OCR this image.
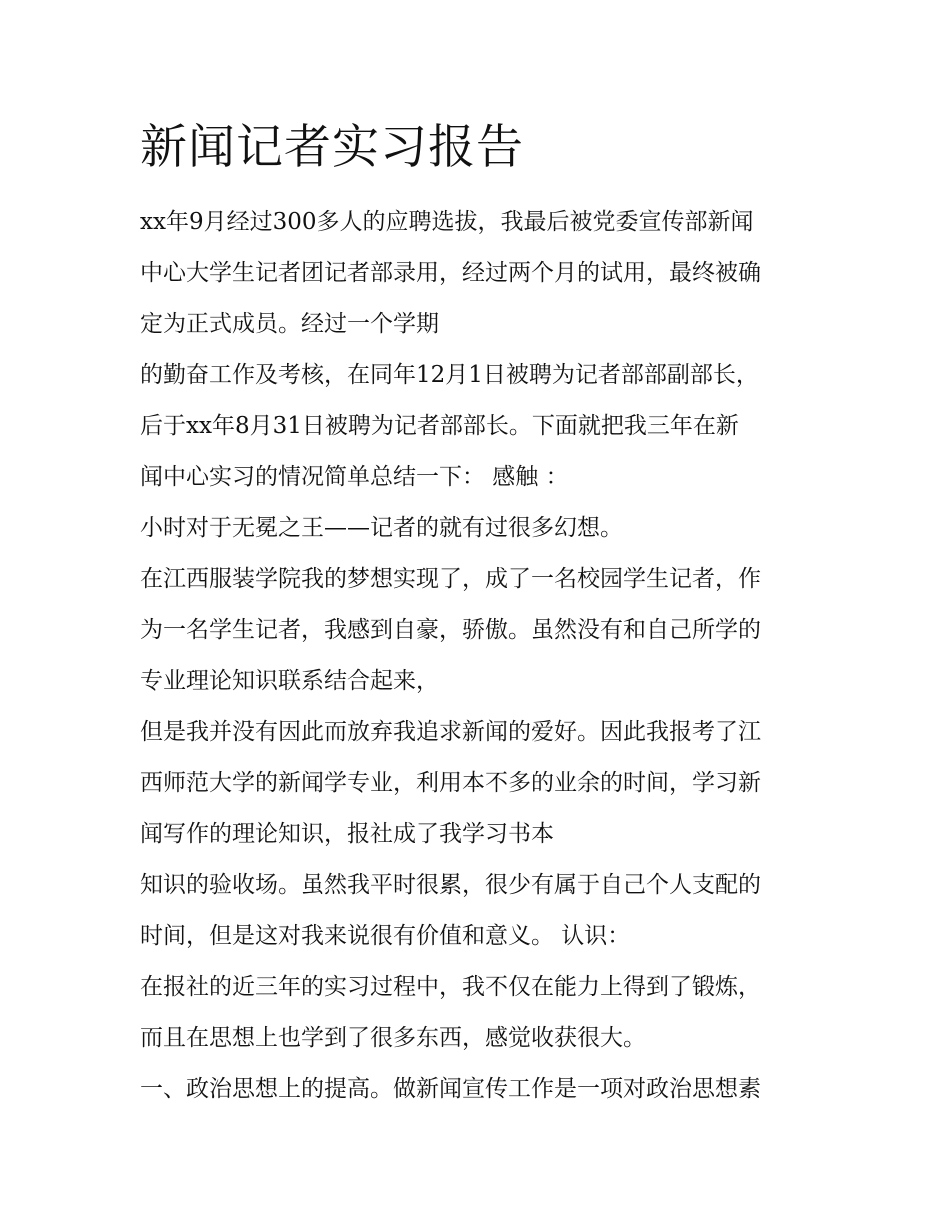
新闻记者实习报告
xx年9月经过300多人的应聘选拔，我最后被党委宣传部新闻
中心大学生记者团记者部录用，经过两个月的试用，最终被确
定为正式成员。经过一个学期
的勤奋工作及考核，在同年12月1日被聘为记者部部副部长，
后于xx年8月31日被聘为记者部部长。下面就把我三年在新
闻中心实习的情况简单总结一下： 感触 ：
小时对于无冕之王——记者的就有过很多幻想。
在江西服装学院我的梦想实现了，成了一名校园学生记者，作
为一名学生记者，我感到自豪，骄傲。虽然没有和自己所学的
专业理论知识联系结合起来，
但是我并没有因此而放弃我追求新闻的爱好。因此我报考了江
西师范大学的新闻学专业，利用本不多的业余的时间，学习新
闻写作的理论知识，报社成了我学习书本
知识的验收场。虽然我平时很累，很少有属于自己个人支配的
时间，但是这对我来说很有价值和意义。 认识：
在报社的近三年的实习过程中，我不仅在能力上得到了锻炼，
而且在思想上也学到了很多东西，感觉收获很大。
一、政治思想上的提高。做新闻宣传工作是一项对政治思想素
